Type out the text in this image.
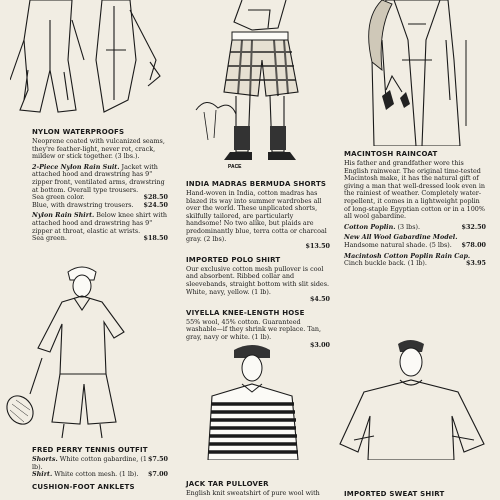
PACE
NYLON WATERPROOFS

Neoprene coated with vulcanized seams, they're feather-light, never rot, crack, mildew or stick together. (3 lbs.).

2-Piece Nylon Rain Suit. Jacket with attached hood and drawstring has 9" zipper front, ventilated arms, drawstring at bottom. Overall type trousers.

Sea green color.	$28.50
Blue, with drawstring trousers. $24.50

Nylon Rain Shirt. Below knee shirt with attached hood and drawstring has 9" zipper at throat, elastic at wrists.

Sea green.	$18.50
INDIA MADRAS BERMUDA SHORTS

Hand-woven in India, cotton madras has blazed its way into summer wardrobes all over the world. These unplicated shorts, skilfully tailored, are particularly handsome! No two alike, but plaids are predominantly blue, terra cotta or charcoal gray. (2 lbs).

$13.50
IMPORTED POLO SHIRT

Our exclusive cotton mesh pullover is cool and absorbent. Ribbed collar and sleevebands, straight bottom with slit sides. White, navy, yellow. (1 lb).

$4.50
VIYELLA KNEE-LENGTH HOSE

55% wool, 45% cotton. Guaranteed washable—if they shrink we replace. Tan, gray, navy or white. (1 lb).

$3.00
MACINTOSH RAINCOAT

His father and grandfather wore this English rainwear. The original time-tested Macintosh make, it has the natural gift of giving a man that well-dressed look even in the rainiest of weather. Completely water-repellent, it comes in a lightweight poplin of long-staple Egyptian cotton or in a 100% all wool gabardine.

Cotton Poplin. (3 lbs).	$32.50

New All Wool Gabardine Model.

Handsome natural shade. (5 lbs). $78.00

Macintosh Cotton Poplin Rain Cap.

Cinch buckle back. (1 lb).	$3.95
FRED PERRY TENNIS OUTFIT
Shorts. White cotton gabardine, (1 lb).
$7.50
Shirt. White cotton mesh. (1 lb). $7.00
CUSHION-FOOT ANKLETS	JACK TAR PULLOVER

English knit sweatshirt of pure wool with	IMPORTED SWEAT SHIRT
